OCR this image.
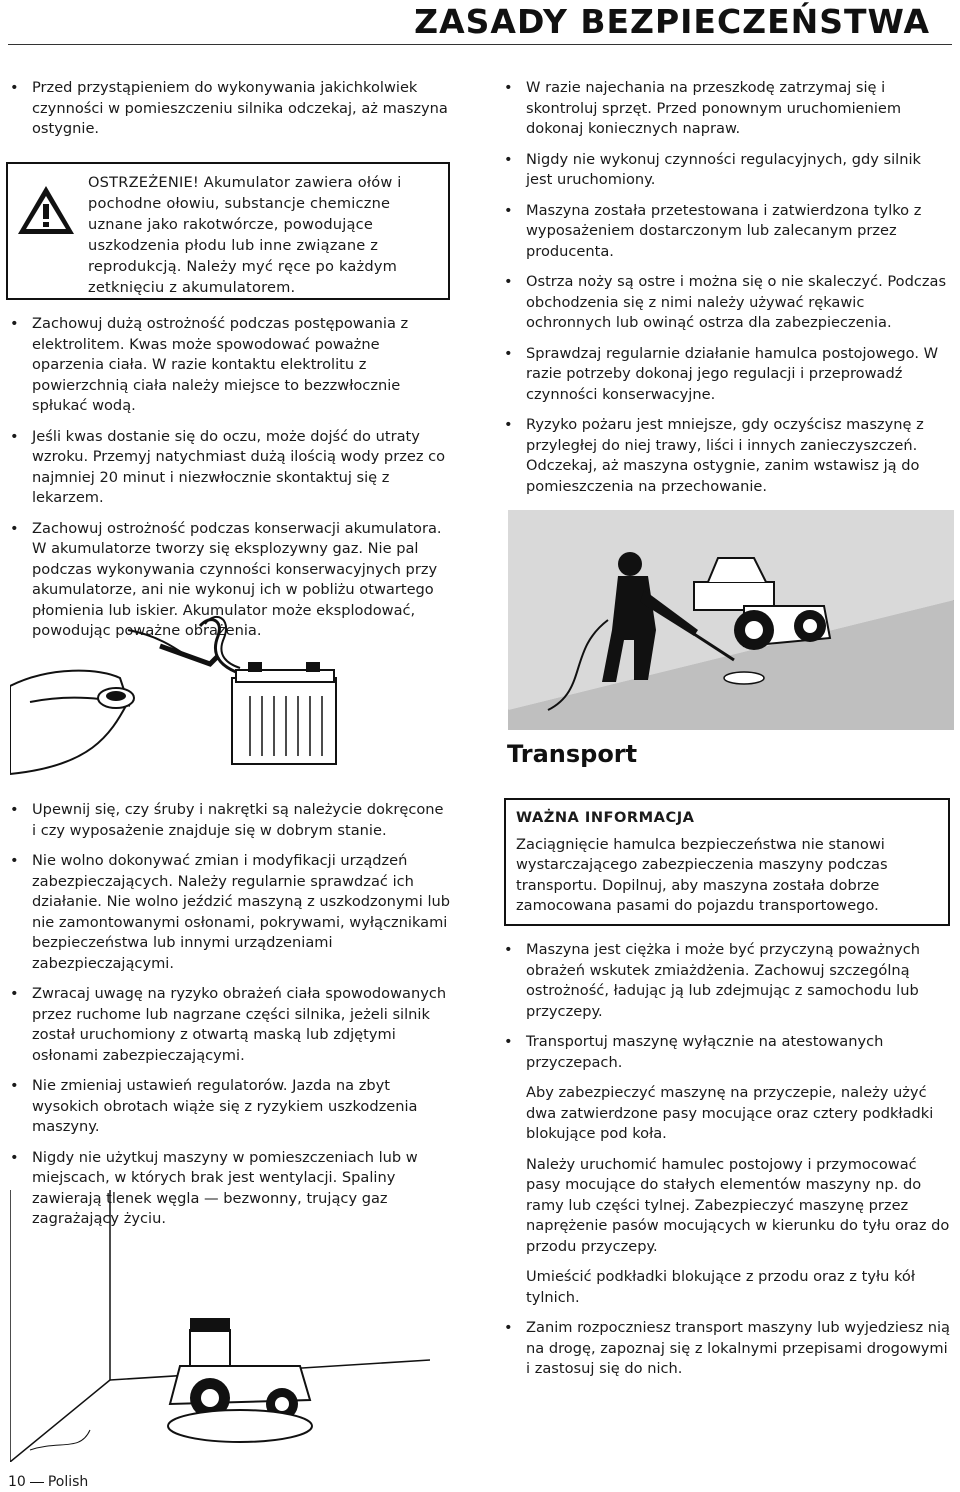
ZASADY BEZPIECZEŃSTWA
• Przed przystąpieniem do wykonywania jakichkolwiek czynności w pomieszczeniu silnika odczekaj, aż maszyna ostygnie.
OSTRZEŻENIE! Akumulator zawiera ołów i pochodne ołowiu, substancje chemiczne uznane jako rakotwórcze, powodujące uszkodzenia płodu lub inne związane z reprodukcją. Należy myć ręce po każdym zetknięciu z akumulatorem.
• Zachowuj dużą ostrożność podczas postępowania z elektrolitem. Kwas może spowodować poważne oparzenia ciała. W razie kontaktu elektrolitu z powierzchnią ciała należy miejsce to bezzwłocznie spłukać wodą.
• Jeśli kwas dostanie się do oczu, może dojść do utraty wzroku. Przemyj natychmiast dużą ilością wody przez co najmniej 20 minut i niezwłocznie skontaktuj się z lekarzem.
• Zachowuj ostrożność podczas konserwacji akumulatora. W akumulatorze tworzy się eksplozywny gaz. Nie pal podczas wykonywania czynności konserwacyjnych przy akumulatorze, ani nie wykonuj ich w pobliżu otwartego płomienia lub iskier. Akumulator może eksplodować, powodując poważne obrażenia.
• W razie najechania na przeszkodę zatrzymaj się i skontroluj sprzęt. Przed ponownym uruchomieniem dokonaj koniecznych napraw.
• Nigdy nie wykonuj czynności regulacyjnych, gdy silnik jest uruchomiony.
• Maszyna została przetestowana i zatwierdzona tylko z wyposażeniem dostarczonym lub zalecanym przez producenta.
• Ostrza noży są ostre i można się o nie skaleczyć. Podczas obchodzenia się z nimi należy używać rękawic ochronnych lub owinąć ostrza dla zabezpieczenia.
• Sprawdzaj regularnie działanie hamulca postojowego. W razie potrzeby dokonaj jego regulacji i przeprowadź czynności konserwacyjne.
• Ryzyko pożaru jest mniejsze, gdy oczyścisz maszynę z przyległej do niej trawy, liści i innych zanieczyszczeń. Odczekaj, aż maszyna ostygnie, zanim wstawisz ją do pomieszczenia na przechowanie.
Transport
• Upewnij się, czy śruby i nakrętki są należycie dokręcone i czy wyposażenie znajduje się w dobrym stanie.
• Nie wolno dokonywać zmian i modyfikacji urządzeń zabezpieczających. Należy regularnie sprawdzać ich działanie. Nie wolno jeździć maszyną z uszkodzonymi lub nie zamontowanymi osłonami, pokrywami, wyłącznikami bezpieczeństwa lub innymi urządzeniami zabezpieczającymi.
• Zwracaj uwagę na ryzyko obrażeń ciała spowodowanych przez ruchome lub nagrzane części silnika, jeżeli silnik został uruchomiony z otwartą maską lub zdjętymi osłonami zabezpieczającymi.
• Nie zmieniaj ustawień regulatorów. Jazda na zbyt wysokich obrotach wiąże się z ryzykiem uszkodzenia maszyny.
• Nigdy nie użytkuj maszyny w pomieszczeniach lub w miejscach, w których brak jest wentylacji. Spaliny zawierają tlenek węgla — bezwonny, trujący gaz zagrażający życiu.
WAŻNA INFORMACJA
Zaciągnięcie hamulca bezpieczeństwa nie stanowi wystarczającego zabezpieczenia maszyny podczas transportu. Dopilnuj, aby maszyna została dobrze zamocowana pasami do pojazdu transportowego.
• Maszyna jest ciężka i może być przyczyną poważnych obrażeń wskutek zmiażdżenia. Zachowuj szczególną ostrożność, ładując ją lub zdejmując z samochodu lub przyczepy.
• Transportuj maszynę wyłącznie na atestowanych przyczepach.
Aby zabezpieczyć maszynę na przyczepie, należy użyć dwa zatwierdzone pasy mocujące oraz cztery podkładki blokujące pod koła.
Należy uruchomić hamulec postojowy i przymocować pasy mocujące do stałych elementów maszyny np. do ramy lub części tylnej. Zabezpieczyć maszynę przez naprężenie pasów mocujących w kierunku do tyłu oraz do przodu przyczepy.
Umieścić podkładki blokujące z przodu oraz z tyłu kół tylnich.
• Zanim rozpoczniesz transport maszyny lub wyjedziesz nią na drogę, zapoznaj się z lokalnymi przepisami drogowymi i zastosuj się do nich.
10 Polish
